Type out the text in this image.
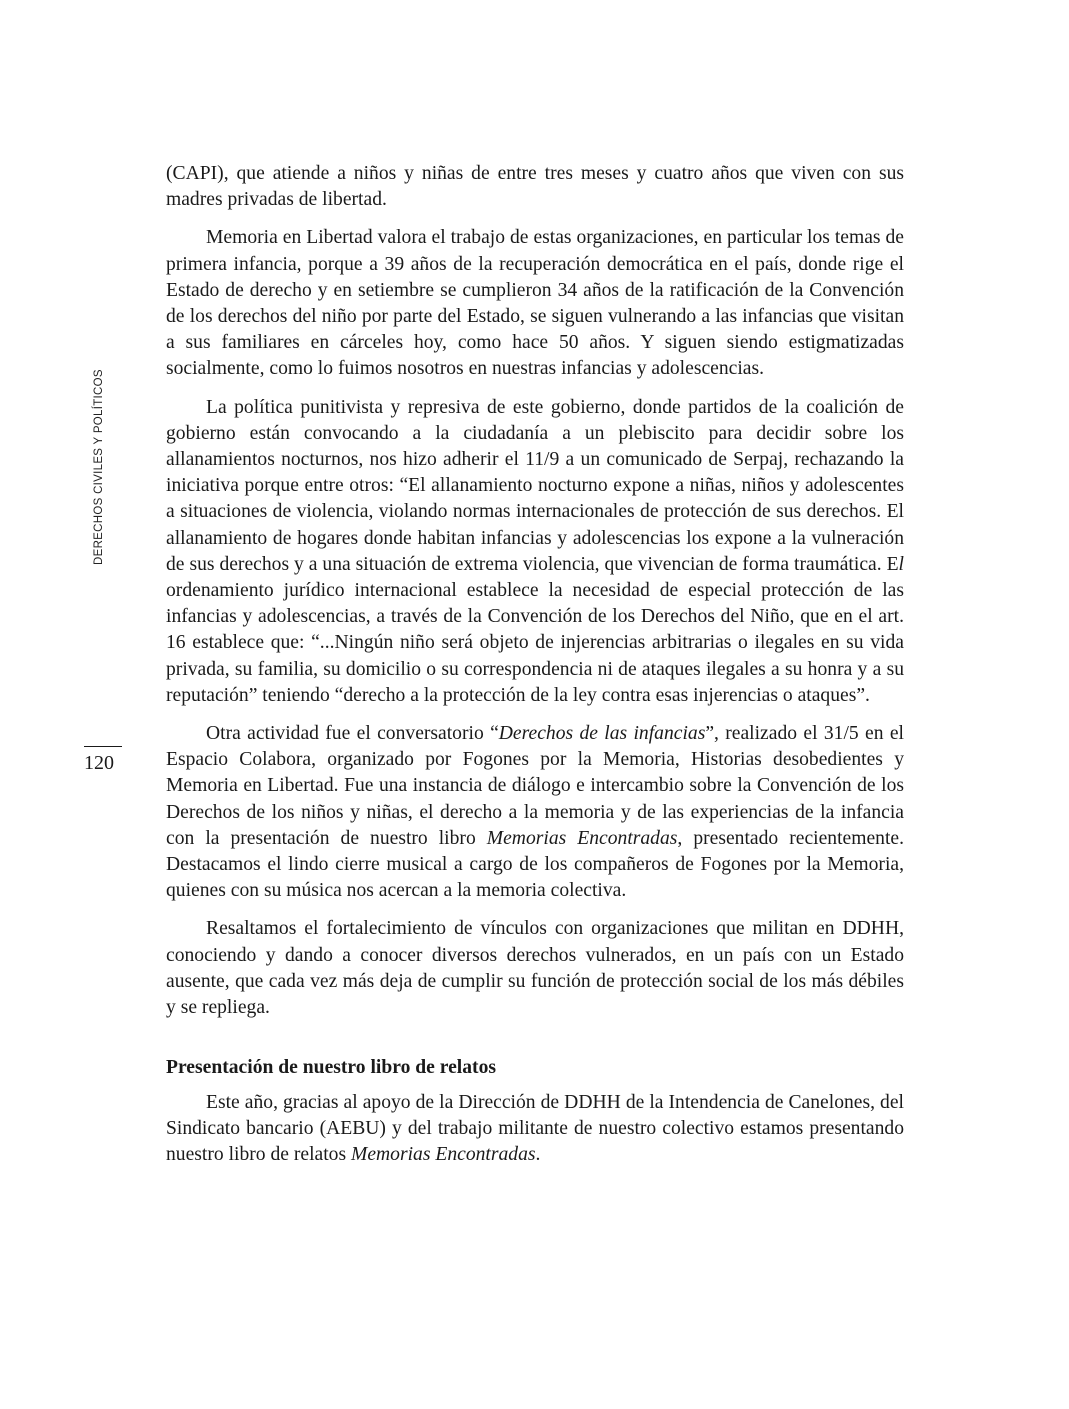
DERECHOS CIVILES Y POLÍTICOS
120

(CAPI), que atiende a niños y niñas de entre tres meses y cuatro años que viven con sus madres privadas de libertad.

Memoria en Libertad valora el trabajo de estas organizaciones, en particular los temas de primera infancia, porque a 39 años de la recuperación democrática en el país, donde rige el Estado de derecho y en setiembre se cumplieron 34 años de la ratificación de la Convención de los derechos del niño por parte del Estado, se siguen vulnerando a las infancias que visitan a sus familiares en cárceles hoy, como hace 50 años. Y siguen siendo estigmatizadas socialmente, como lo fuimos nosotros en nuestras infancias y adolescencias.

La política punitivista y represiva de este gobierno, donde partidos de la coalición de gobierno están convocando a la ciudadanía a un plebiscito para decidir sobre los allanamientos nocturnos, nos hizo adherir el 11/9 a un comunicado de Serpaj, rechazando la iniciativa porque entre otros: “El allanamiento nocturno expone a niñas, niños y adolescentes a situaciones de violencia, violando normas internacionales de protección de sus derechos. El allanamiento de hogares donde habitan infancias y adolescencias los expone a la vulneración de sus derechos y a una situación de extrema violencia, que vivencian de forma traumática. El ordenamiento jurídico internacional establece la necesidad de especial protección de las infancias y adolescencias, a través de la Convención de los Derechos del Niño, que en el art. 16 establece que: “...Ningún niño será objeto de injerencias arbitrarias o ilegales en su vida privada, su familia, su domicilio o su correspondencia ni de ataques ilegales a su honra y a su reputación” teniendo “derecho a la protección de la ley contra esas injerencias o ataques”.

Otra actividad fue el conversatorio “Derechos de las infancias”, realizado el 31/5 en el Espacio Colabora, organizado por Fogones por la Memoria, Historias desobedientes y Memoria en Libertad. Fue una instancia de diálogo e intercambio sobre la Convención de los Derechos de los niños y niñas, el derecho a la memoria y de las experiencias de la infancia con la presentación de nuestro libro Memorias Encontradas, presentado recientemente. Destacamos el lindo cierre musical a cargo de los compañeros de Fogones por la Memoria, quienes con su música nos acercan a la memoria colectiva.

Resaltamos el fortalecimiento de vínculos con organizaciones que militan en DDHH, conociendo y dando a conocer diversos derechos vulnerados, en un país con un Estado ausente, que cada vez más deja de cumplir su función de protección social de los más débiles y se repliega.

Presentación de nuestro libro de relatos

Este año, gracias al apoyo de la Dirección de DDHH de la Intendencia de Canelones, del Sindicato bancario (AEBU) y del trabajo militante de nuestro colectivo estamos presentando nuestro libro de relatos Memorias Encontradas.
